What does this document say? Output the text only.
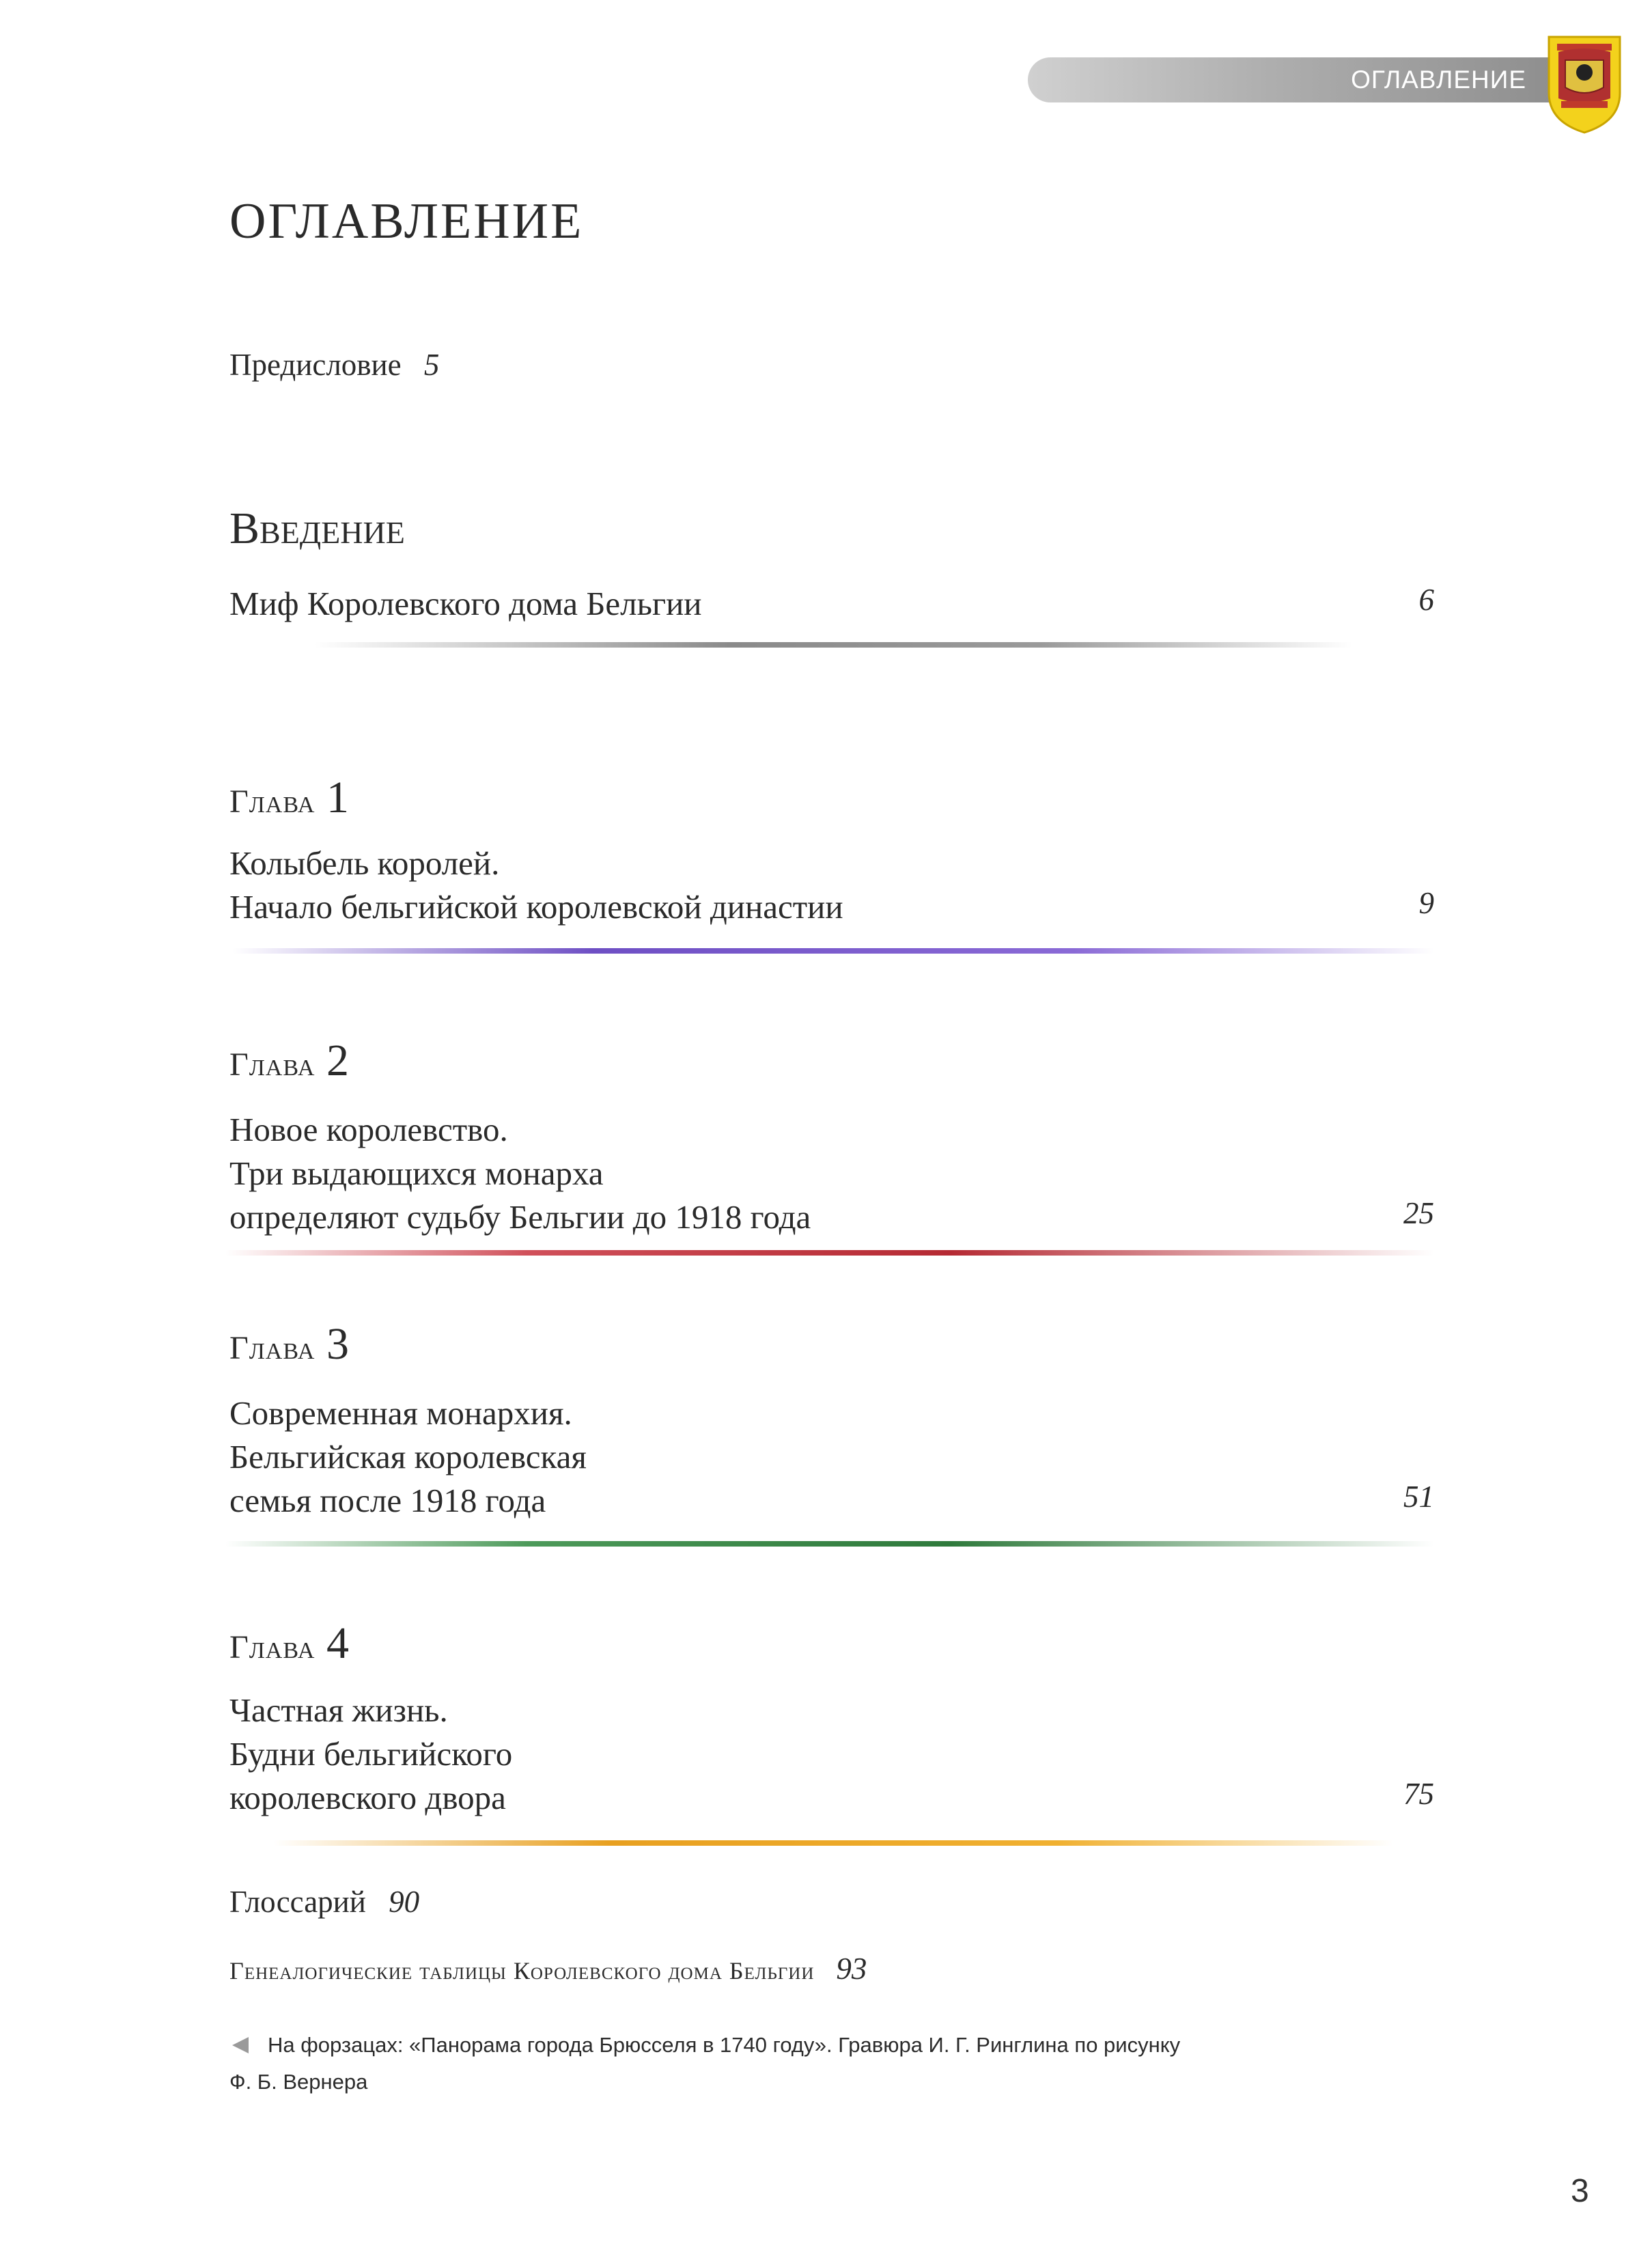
ОГЛАВЛЕНИЕ
ОГЛАВЛЕНИЕ
Предисловие 5
Введение
Миф Королевского дома Бельгии	6
Глава 1
Колыбель королей.
Начало бельгийской королевской династии	9
Глава 2
Новое королевство.
Три выдающихся монарха
определяют судьбу Бельгии до 1918 года	25
Глава 3
Современная монархия.
Бельгийская королевская
семья после 1918 года	51
Глава 4
Частная жизнь.
Будни бельгийского
королевского двора	75
Глоссарий 90
Генеалогические таблицы Королевского дома Бельгии 93
На форзацах: «Панорама города Брюсселя в 1740 году». Гравюра И. Г. Ринглина по рисунку
Ф. Б. Вернера
3
